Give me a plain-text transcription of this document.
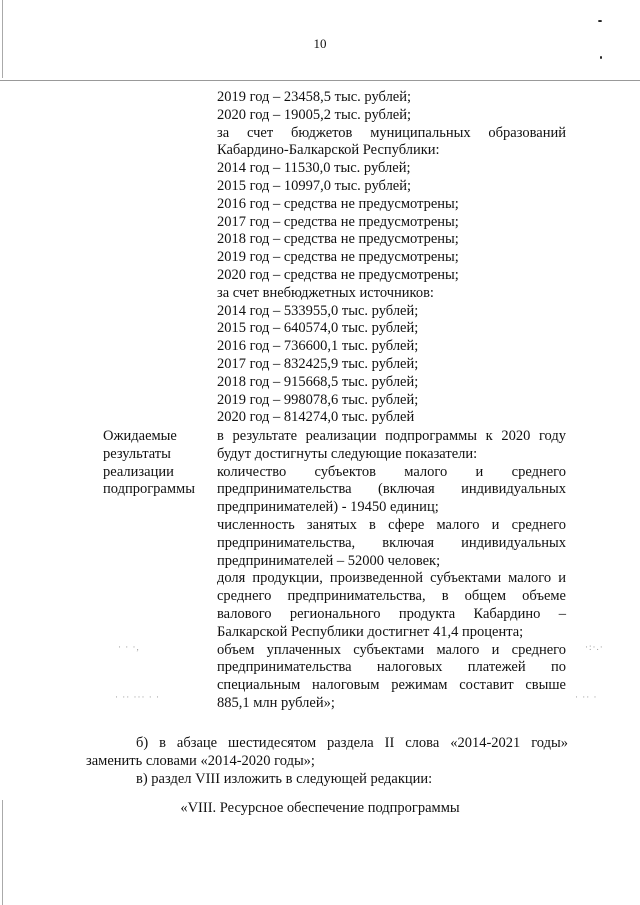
10

2019 год – 23458,5 тыс. рублей;

2020 год – 19005,2 тыс. рублей;

за счет бюджетов муниципальных образований

Кабардино-Балкарской Республики:

2014 год – 11530,0 тыс. рублей;

2015 год – 10997,0 тыс. рублей;

2016 год – средства не предусмотрены;

2017 год – средства не предусмотрены;

2018 год – средства не предусмотрены;

2019 год – средства не предусмотрены;

2020 год – средства не предусмотрены;

за счет внебюджетных источников:

2014 год – 533955,0 тыс. рублей;

2015 год – 640574,0 тыс. рублей;

2016 год – 736600,1 тыс. рублей;

2017 год – 832425,9 тыс. рублей;

2018 год – 915668,5 тыс. рублей;

2019 год – 998078,6 тыс. рублей;

2020 год – 814274,0 тыс. рублей

Ожидаемые

результаты

реализации

подпрограммы

в результате реализации подпрограммы к 2020 году будут достигнуты следующие показатели:

количество субъектов малого и среднего предпринимательства (включая индивидуальных предпринимателей) - 19450 единиц;

численность занятых в сфере малого и среднего предпринимательства, включая индивидуальных предпринимателей – 52000 человек;

доля продукции, произведенной субъектами малого и среднего предпринимательства, в общем объеме валового регионального продукта Кабардино – Балкарской Республики достигнет 41,4 процента;

объем уплаченных субъектами малого и среднего предпринимательства налоговых платежей по специальным налоговым режимам составит свыше 885,1 млн рублей»;

· · ·,	·:·.·
· ·· ··· · ·	· ·· ·

б) в абзаце шестидесятом раздела II слова «2014-2021 годы» заменить словами «2014-2020 годы»;

в) раздел VIII изложить в следующей редакции:

«VIII. Ресурсное обеспечение подпрограммы
